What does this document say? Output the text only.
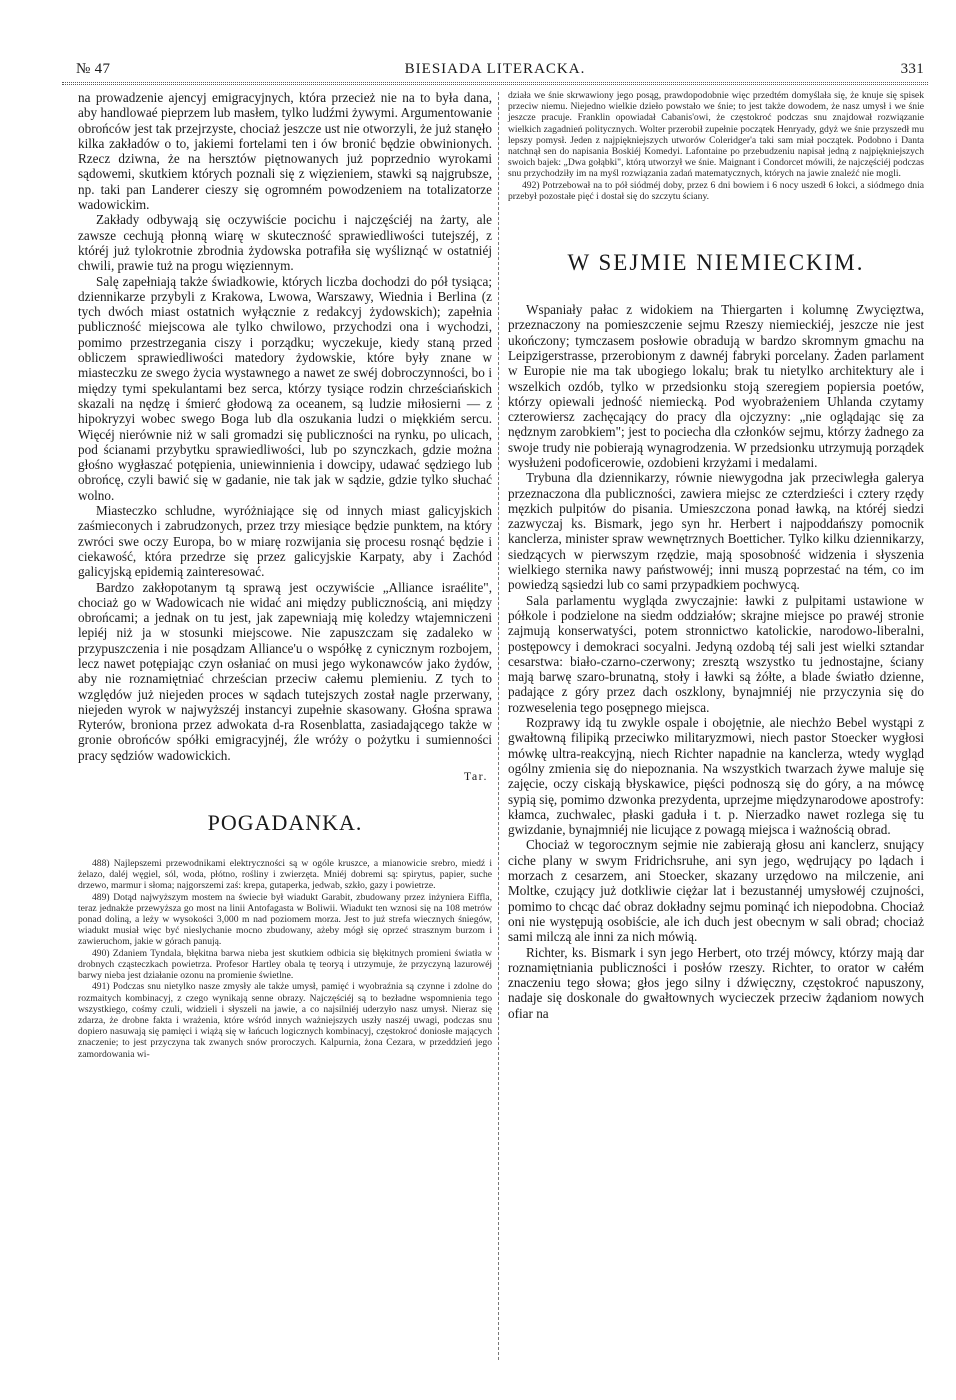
№ 47	BIESIADA LITERACKA.	331

na prowadzenie ajencyj emigracyjnych, która przecież nie na to była dana, aby handlowaé pieprzem lub masłem, tylko ludźmi żywymi. Argumentowanie obrońców jest tak przejrzyste, chociaż jeszcze ust nie otworzyli, że już stanęło kilka zakładów o to, jakiemi fortelami ten i ów bronić będzie obwinionych. Rzecz dziwna, że na hersztów piętnowanych już poprzednio wyrokami sądowemi, skutkiem których poznali się z więzieniem, stawki są najgrubsze, np. taki pan Landerer cieszy się ogromném powodzeniem na totalizatorze wadowickim.

Zakłady odbywają się oczywiście pocichu i najczęściéj na żarty, ale zawsze cechują płonną wiarę w skuteczność sprawiedliwości tutejszéj, z któréj już tylokrotnie zbrodnia żydowska potrafiła się wyśliznąć w ostatniéj chwili, prawie tuż na progu więziennym.

Salę zapełniają także świadkowie, których liczba dochodzi do pół tysiąca; dziennikarze przybyli z Krakowa, Lwowa, Warszawy, Wiednia i Berlina (z tych dwóch miast ostatnich wyłącznie z redakcyj żydowskich); zapełnia publiczność miejscowa ale tylko chwilowo, przychodzi ona i wychodzi, pomimo przestrzegania ciszy i porządku; wyczekuje, kiedy staną przed obliczem sprawiedliwości matedory żydowskie, które były znane w miasteczku ze swego życia wystawnego a nawet ze swéj dobroczynności, bo i między tymi spekulantami bez serca, którzy tysiące rodzin chrześciańskich skazali na nędzę i śmierć głodową za oceanem, są ludzie miłosierni — z hipokryzyi wobec swego Boga lub dla oszukania ludzi o miękkiém sercu. Więcéj nierównie niż w sali gromadzi się publiczności na rynku, po ulicach, pod ścianami przybytku sprawiedliwości, lub po szynczkach, gdzie można głośno wygłaszać potępienia, uniewinnienia i dowcipy, udawać sędziego lub obrońcę, czyli bawić się w gadanie, nie tak jak w sądzie, gdzie tylko słuchać wolno.

Miasteczko schludne, wyróżniające się od innych miast galicyjskich zaśmieconych i zabrudzonych, przez trzy miesiące będzie punktem, na który zwróci swe oczy Europa, bo w miarę rozwijania się procesu rosnąć będzie i ciekawość, która przedrze się przez galicyjskie Karpaty, aby i Zachód galicyjską epidemią zainteresować.

Bardzo zakłopotanym tą sprawą jest oczywiście „Alliance israélite", chociaż go w Wadowicach nie widać ani między publicznością, ani między obrońcami; a jednak on tu jest, jak zapewniają mię koledzy wtajemniczeni lepiéj niż ja w stosunki miejscowe. Nie zapuszczam się zadaleko w przypuszczenia i nie posądzam Alliance'u o współkę z cynicznym rozbojem, lecz nawet potępiając czyn osłaniać on musi jego wykonawców jako żydów, aby nie roznamiętniać chrześcian przeciw całemu plemieniu. Z tych to względów już niejeden proces w sądach tutejszych został nagle przerwany, niejeden wyrok w najwyższéj instancyi zupełnie skasowany. Głośna sprawa Ryterów, broniona przez adwokata d-ra Rosenblatta, zasiadającego także w gronie obrońców spółki emigracyjnéj, źle wróży o pożytku i sumienności pracy sędziów wadowickich.

Tar.
POGADANKA.

488) Najlepszemi przewodnikami elektryczności są w ogóle kruszce, a mianowicie srebro, miedź i żelazo, daléj węgiel, sól, woda, płótno, rośliny i zwierzęta. Mniéj dobremi są: spirytus, papier, suche drzewo, marmur i słoma; najgorszemi zaś: krepa, gutaperka, jedwab, szkło, gazy i powietrze.

489) Dotąd najwyższym mostem na świecie był wiadukt Garabit, zbudowany przez inżyniera Eiffla, teraz jednakże przewyższa go most na linii Antofagasta w Boliwii. Wiadukt ten wznosi się na 108 metrów ponad doliną, a leży w wysokości 3,000 m nad poziomem morza. Jest to już strefa wiecznych śniegów, wiadukt musiał więc być nieslychanie mocno zbudowany, ażeby mógł się oprzeć strasznym burzom i zawieruchom, jakie w górach panują.

490) Zdaniem Tyndala, błękitna barwa nieba jest skutkiem odbicia się błękitnych promieni światła w drobnych cząsteczkach powietrza. Profesor Hartley obala tę teoryą i utrzymuje, że przyczyną lazurowéj barwy nieba jest działanie ozonu na promienie świetlne.

491) Podczas snu nietylko nasze zmysły ale także umysł, pamięć i wyobraźnia są czynne i zdolne do rozmaitych kombinacyj, z czego wynikają senne obrazy. Najczęściéj są to bezładne wspomnienia tego wszystkiego, cośmy czuli, widzieli i słyszeli na jawie, a co najsilniéj uderzyło nasz umysł. Nieraz się zdarza, że drobne fakta i wrażenia, które wśród innych ważniejszych uszły naszéj uwagi, podczas snu dopiero nasuwają się pamięci i wiążą się w łańcuch logicznych kombinacyj, częstokroć doniosłe mających znaczenie; to jest przyczyna tak zwanych snów proroczych. Kalpurnia, żona Cezara, w przeddzień jego zamordowania wi-

działa we śnie skrwawiony jego posąg, prawdopodobnie więc przedtém domyślała się, że knuje się spisek przeciw niemu. Niejedno wielkie dzieło powstało we śnie; to jest także dowodem, że nasz umysł i we śnie jeszcze pracuje. Franklin opowiadał Cabanis'owi, że częstokroć podczas snu znajdował rozwiązanie wielkich zagadnień politycznych. Wolter przerobił zupełnie początek Henryady, gdyż we śnie przyszedł mu lepszy pomysł. Jeden z najpiękniejszych utworów Coleridger'a taki sam miał początek. Podobno i Danta natchnął sen do napisania Boskiéj Komedyi. Lafontaine po przebudzeniu napisał jedną z najpiękniejszych swoich bajek: „Dwa gołąbki", którą utworzył we śnie. Maignant i Condorcet mówili, że najczęściéj podczas snu przychodziły im na myśl rozwiązania zadań matematycznych, których na jawie znaleźć nie mogli.

492) Potrzebował na to pół siódméj doby, przez 6 dni bowiem i 6 nocy uszedł 6 łokci, a siódmego dnia przebył pozostałe pięć i dostał się do szczytu ściany.

W SEJMIE NIEMIECKIM.

Wspaniały pałac z widokiem na Thiergarten i kolumnę Zwycięztwa, przeznaczony na pomieszczenie sejmu Rzeszy niemieckiéj, jeszcze nie jest ukończony; tymczasem posłowie obradują w bardzo skromnym gmachu na Leipzigerstrasse, przerobionym z dawnéj fabryki porcelany. Żaden parlament w Europie nie ma tak ubogiego lokalu; brak tu nietylko architektury ale i wszelkich ozdób, tylko w przedsionku stoją szeregiem popiersia poetów, którzy opiewali jedność niemiecką. Pod wyobrażeniem Uhlanda czytamy czterowiersz zachęcający do pracy dla ojczyzny: „nie oglądając się za nędznym zarobkiem"; jest to pociecha dla członków sejmu, którzy żadnego za swoje trudy nie pobierają wynagrodzenia. W przedsionku utrzymują porządek wysłużeni podoficerowie, ozdobieni krzyżami i medalami.

Trybuna dla dziennikarzy, równie niewygodna jak przeciwległa galerya przeznaczona dla publiczności, zawiera miejsc ze czterdzieści i cztery rzędy męzkich pulpitów do pisania. Umieszczona ponad ławką, na któréj siedzi zazwyczaj ks. Bismark, jego syn hr. Herbert i najpoddańszy pomocnik kanclerza, minister spraw wewnętrznych Boetticher. Tylko kilku dziennikarzy, siedzących w pierwszym rzędzie, mają sposobność widzenia i słyszenia wielkiego sternika nawy państwowéj; inni muszą poprzestać na tém, co im powiedzą sąsiedzi lub co sami przypadkiem pochwycą.

Sala parlamentu wygląda zwyczajnie: ławki z pulpitami ustawione w półkole i podzielone na siedm oddziałów; skrajne miejsce po prawéj stronie zajmują konserwatyści, potem stronnictwo katolickie, narodowo-liberalni, postępowcy i demokraci socyalni. Jedyną ozdobą téj sali jest wielki sztandar cesarstwa: biało-czarno-czerwony; zresztą wszystko tu jednostajne, ściany mają barwę szaro-brunatną, stoły i ławki są żółte, a blade światło dzienne, padające z góry przez dach oszklony, bynajmniéj nie przyczynia się do rozweselenia tego posępnego miejsca.

Rozprawy idą tu zwykle ospale i obojętnie, ale niechżo Bebel wystąpi z gwałtowną filipiką przeciwko militaryzmowi, niech pastor Stoecker wygłosi mówkę ultra-reakcyjną, niech Richter napadnie na kanclerza, wtedy wygląd ogólny zmienia się do niepoznania. Na wszystkich twarzach żywe maluje się zajęcie, oczy ciskają błyskawice, pięści podnoszą się do góry, a na mówcę sypią się, pomimo dzwonka prezydenta, uprzejme międzynarodowe apostrofy: kłamca, zuchwalec, płaski gaduła i t. p. Nierzadko nawet rozlega się tu gwizdanie, bynajmniéj nie licujące z powagą miejsca i ważnością obrad.

Chociaż w tegorocznym sejmie nie zabierają głosu ani kanclerz, snujący ciche plany w swym Fridrichsruhe, ani syn jego, wędrujący po lądach i morzach z cesarzem, ani Stoecker, skazany urzędowo na milczenie, ani Moltke, czujący już dotkliwie ciężar lat i bezustannéj umysłowéj czujności, pomimo to chcąc dać obraz dokładny sejmu pominąć ich niepodobna. Chociaż oni nie występują osobiście, ale ich duch jest obecnym w sali obrad; chociaż sami milczą ale inni za nich mówią.

Richter, ks. Bismark i syn jego Herbert, oto trzéj mówcy, którzy mają dar roznamiętniania publiczności i posłów rzeszy. Richter, to orator w całém znaczeniu tego słowa; głos jego silny i dźwięczny, częstokroć napuszony, nadaje się doskonale do gwałtownych wycieczek przeciw żądaniom nowych ofiar na
